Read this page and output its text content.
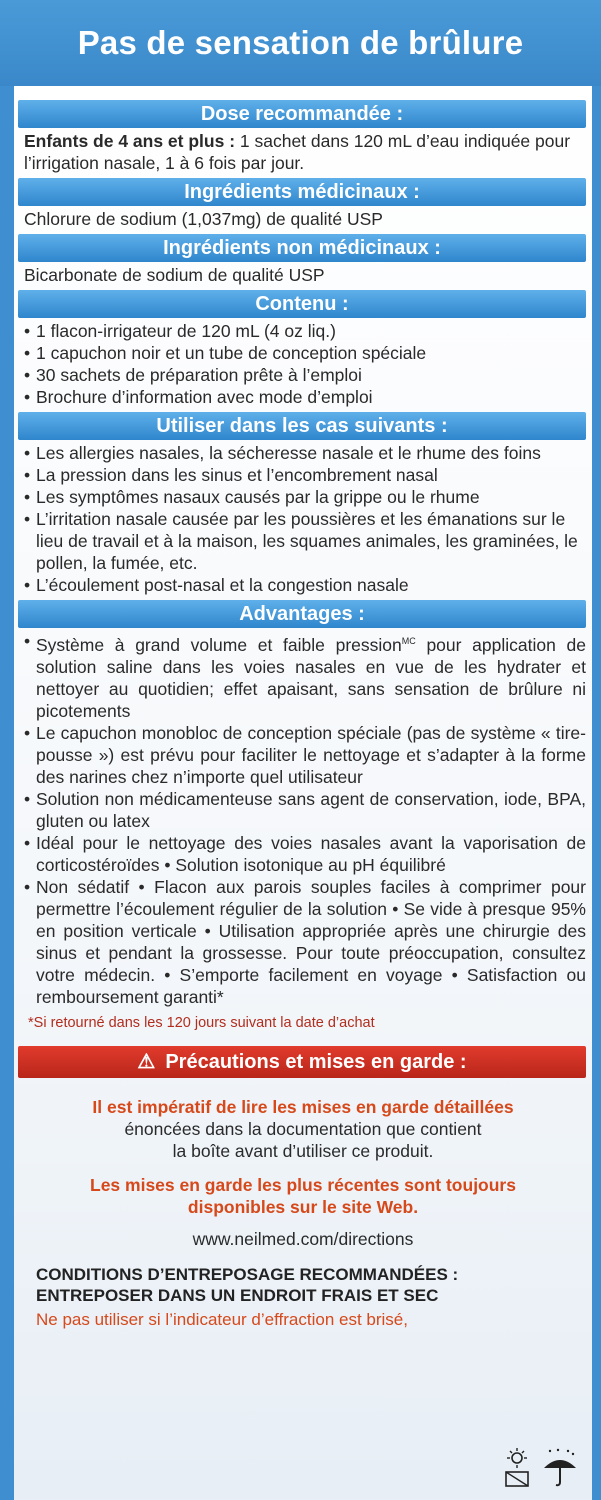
Pas de sensation de brûlure
Dose recommandée :
Enfants de 4 ans et plus : 1 sachet dans 120 mL d’eau indiquée pour l’irrigation nasale, 1 à 6 fois par jour.
Ingrédients médicinaux :
Chlorure de sodium (1,037mg) de qualité USP
Ingrédients non médicinaux :
Bicarbonate de sodium de qualité USP
Contenu :
• 1 flacon-irrigateur de 120 mL (4 oz liq.)
• 1 capuchon noir et un tube de conception spéciale
• 30 sachets de préparation prête à l’emploi
• Brochure d’information avec mode d’emploi
Utiliser dans les cas suivants :
• Les allergies nasales, la sécheresse nasale et le rhume des foins
• La pression dans les sinus et l’encombrement nasal
• Les symptômes nasaux causés par la grippe ou le rhume
• L’irritation nasale causée par les poussières et les émanations sur le lieu de travail et à la maison, les squames animales, les graminées, le pollen, la fumée, etc.
• L’écoulement post-nasal et la congestion nasale
Advantages :
• Système à grand volume et faible pression$^{MC}$ pour application de solution saline dans les voies nasales en vue de les hydrater et nettoyer au quotidien; effet apaisant, sans sensation de brûlure ni picotements
• Le capuchon monobloc de conception spéciale (pas de système « tire-pousse ») est prévu pour faciliter le nettoyage et s’adapter à la forme des narines chez n’importe quel utilisateur
• Solution non médicamenteuse sans agent de conservation, iode, BPA, gluten ou latex
• Idéal pour le nettoyage des voies nasales avant la vaporisation de corticostéroïdes • Solution isotonique au pH équilibré
• Non sédatif • Flacon aux parois souples faciles à comprimer pour permettre l’écoulement régulier de la solution • Se vide à presque 95% en position verticale • Utilisation appropriée après une chirurgie des sinus et pendant la grossesse. Pour toute préoccupation, consultez votre médecin. • S’emporte facilement en voyage • Satisfaction ou remboursement garanti*
*Si retourné dans les 120 jours suivant la date d’achat
⚠ Précautions et mises en garde :
Il est impératif de lire les mises en garde détaillées
énoncées dans la documentation que contient
la boîte avant d’utiliser ce produit.
Les mises en garde les plus récentes sont toujours
disponibles sur le site Web.
www.neilmed.com/directions
CONDITIONS D’ENTREPOSAGE RECOMMANDÉES :
ENTREPOSER DANS UN ENDROIT FRAIS ET SEC
Ne pas utiliser si l’indicateur d’effraction est brisé,
